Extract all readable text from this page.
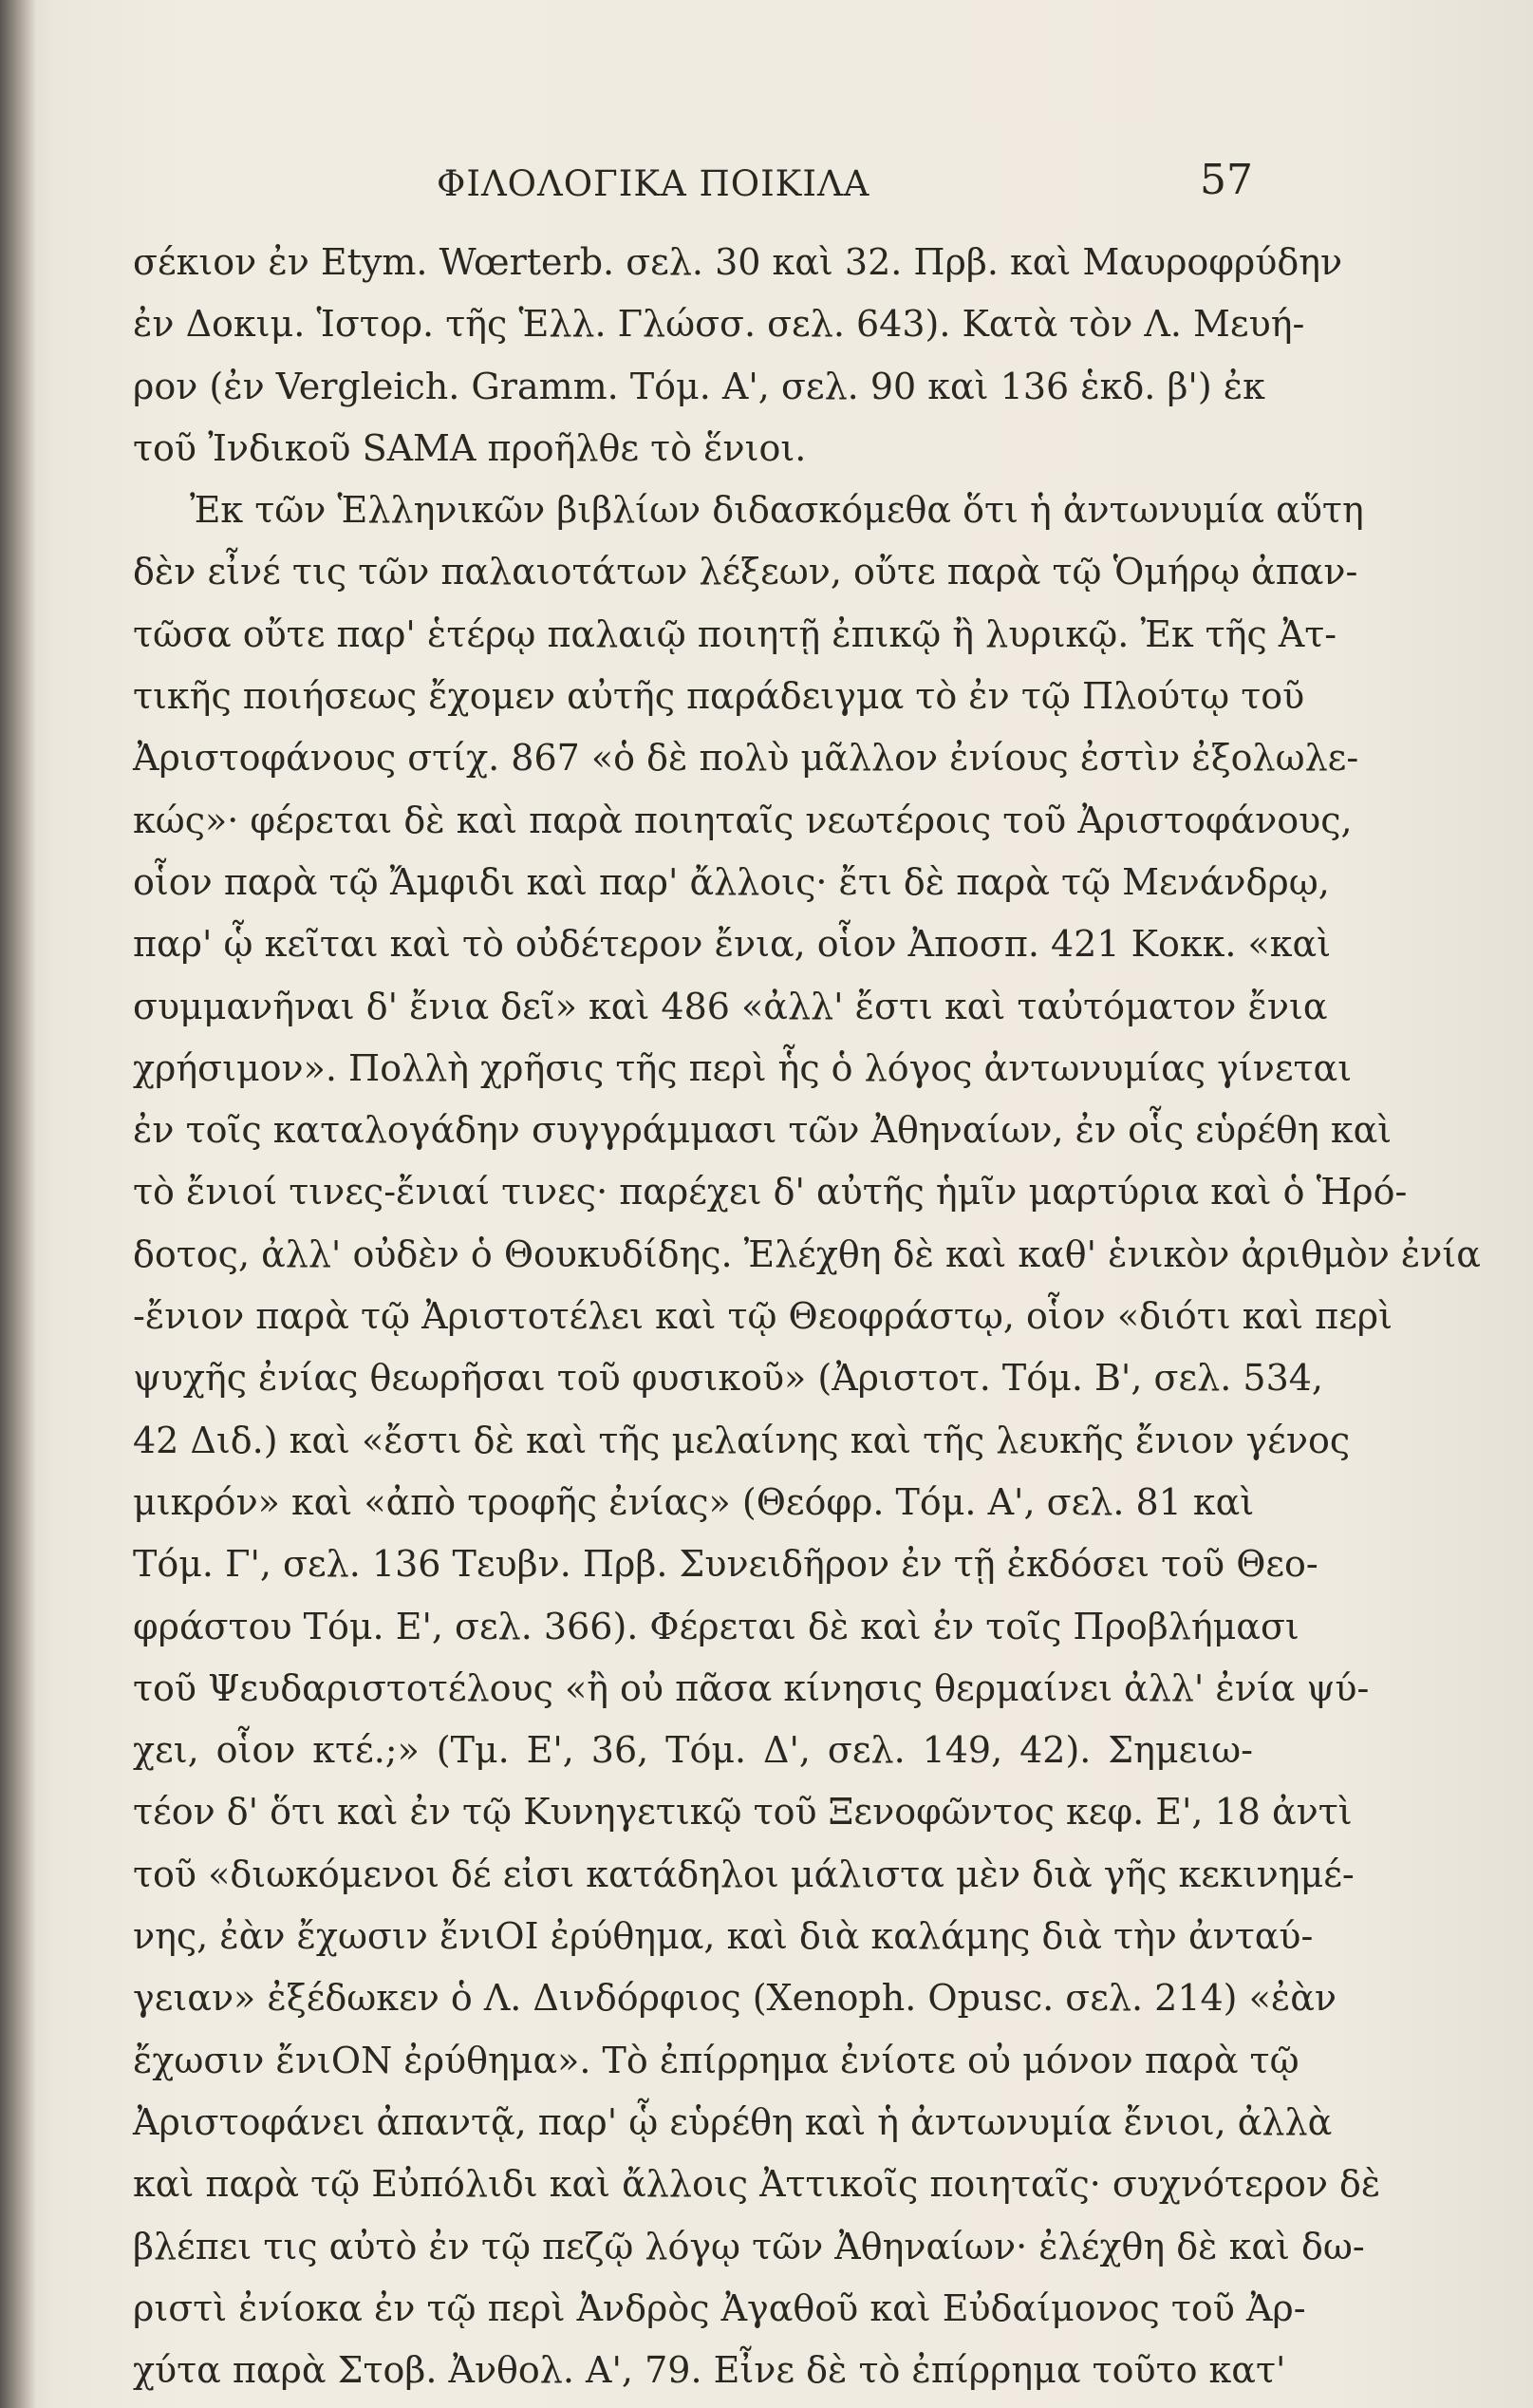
ΦΙΛΟΛΟΓΙΚΑ ΠΟΙΚΙΛΑ	57
σέκιον ἐν Etym. Wœrterb. σελ. 30 καὶ 32. Πρβ. καὶ Μαυροφρύδην
ἐν Δοκιμ. Ἱστορ. τῆς Ἑλλ. Γλώσσ. σελ. 643). Κατὰ τὸν Λ. Μευή-
ρον (ἐν Vergleich. Gramm. Τόμ. Α', σελ. 90 καὶ 136 ἑκδ. β') ἐκ
τοῦ Ἰνδικοῦ SAMA προῆλθε τὸ ἕνιοι.
Ἐκ τῶν Ἑλληνικῶν βιβλίων διδασκόμεθα ὅτι ἡ ἀντωνυμία αὕτη
δὲν εἶνέ τις τῶν παλαιοτάτων λέξεων, οὔτε παρὰ τῷ Ὁμήρῳ ἀπαν-
τῶσα οὔτε παρ' ἑτέρῳ παλαιῷ ποιητῇ ἐπικῷ ἢ λυρικῷ. Ἐκ τῆς Ἀτ-
τικῆς ποιήσεως ἔχομεν αὐτῆς παράδειγμα τὸ ἐν τῷ Πλούτῳ τοῦ
Ἀριστοφάνους στίχ. 867 «ὁ δὲ πολὺ μᾶλλον ἐνίους ἐστὶν ἐξολωλε-
κώς»· φέρεται δὲ καὶ παρὰ ποιηταῖς νεωτέροις τοῦ Ἀριστοφάνους,
οἷον παρὰ τῷ Ἄμφιδι καὶ παρ' ἄλλοις· ἔτι δὲ παρὰ τῷ Μενάνδρῳ,
παρ' ᾧ κεῖται καὶ τὸ οὐδέτερον ἔνια, οἷον Ἀποσπ. 421 Κοκκ. «καὶ
συμμανῆναι δ' ἔνια δεῖ» καὶ 486 «ἀλλ' ἔστι καὶ ταὐτόματον ἔνια
χρήσιμον». Πολλὴ χρῆσις τῆς περὶ ἧς ὁ λόγος ἀντωνυμίας γίνεται
ἐν τοῖς καταλογάδην συγγράμμασι τῶν Ἀθηναίων, ἐν οἷς εὑρέθη καὶ
τὸ ἔνιοί τινες-ἔνιαί τινες· παρέχει δ' αὐτῆς ἡμῖν μαρτύρια καὶ ὁ Ἡρό-
δοτος, ἀλλ' οὐδὲν ὁ Θουκυδίδης. Ἐλέχθη δὲ καὶ καθ' ἑνικὸν ἀριθμὸν ἐνία
-ἔνιον παρὰ τῷ Ἀριστοτέλει καὶ τῷ Θεοφράστῳ, οἷον «διότι καὶ περὶ
ψυχῆς ἐνίας θεωρῆσαι τοῦ φυσικοῦ» (Ἀριστοτ. Τόμ. Β', σελ. 534,
42 Διδ.) καὶ «ἔστι δὲ καὶ τῆς μελαίνης καὶ τῆς λευκῆς ἔνιον γένος
μικρόν» καὶ «ἀπὸ τροφῆς ἐνίας» (Θεόφρ. Τόμ. Α', σελ. 81 καὶ
Τόμ. Γ', σελ. 136 Τευβν. Πρβ. Συνειδῆρον ἐν τῇ ἐκδόσει τοῦ Θεο-
φράστου Τόμ. Ε', σελ. 366). Φέρεται δὲ καὶ ἐν τοῖς Προβλήμασι
τοῦ Ψευδαριστοτέλους «ἢ οὐ πᾶσα κίνησις θερμαίνει ἀλλ' ἐνία ψύ-
χει, οἷον κτέ.;» (Τμ. Ε', 36, Τόμ. Δ', σελ. 149, 42). Σημειω-
τέον δ' ὅτι καὶ ἐν τῷ Κυνηγετικῷ τοῦ Ξενοφῶντος κεφ. Ε', 18 ἀντὶ
τοῦ «διωκόμενοι δέ εἰσι κατάδηλοι μάλιστα μὲν διὰ γῆς κεκινημέ-
νης, ἐὰν ἔχωσιν ἔνιΟΙ ἐρύθημα, καὶ διὰ καλάμης διὰ τὴν ἀνταύ-
γειαν» ἐξέδωκεν ὁ Λ. Δινδόρφιος (Xenoph. Opusc. σελ. 214) «ἐὰν
ἔχωσιν ἔνιΟΝ ἐρύθημα». Τὸ ἐπίρρημα ἐνίοτε οὐ μόνον παρὰ τῷ
Ἀριστοφάνει ἀπαντᾷ, παρ' ᾧ εὑρέθη καὶ ἡ ἀντωνυμία ἔνιοι, ἀλλὰ
καὶ παρὰ τῷ Εὐπόλιδι καὶ ἄλλοις Ἀττικοῖς ποιηταῖς· συχνότερον δὲ
βλέπει τις αὐτὸ ἐν τῷ πεζῷ λόγῳ τῶν Ἀθηναίων· ἐλέχθη δὲ καὶ δω-
ριστὶ ἐνίοκα ἐν τῷ περὶ Ἀνδρὸς Ἀγαθοῦ καὶ Εὐδαίμονος τοῦ Ἀρ-
χύτα παρὰ Στοβ. Ἀνθολ. Α', 79. Εἶνε δὲ τὸ ἐπίρρημα τοῦτο κατ'
